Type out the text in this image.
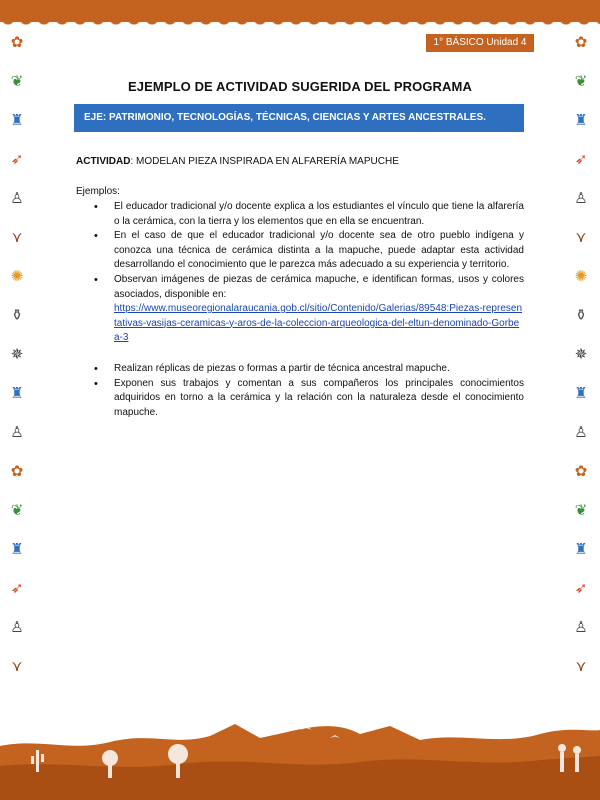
1° BÁSICO Unidad 4
✿
❦
♜
➶
♙
⋎
✺
⚱
✵
♜
♙
✿
❦
♜
➶
♙
⋎
✿
❦
♜
➶
♙
⋎
✺
⚱
✵
♜
♙
✿
❦
♜
➶
♙
⋎
EJEMPLO DE ACTIVIDAD SUGERIDA DEL PROGRAMA
EJE: PATRIMONIO, TECNOLOGÍAS, TÉCNICAS, CIENCIAS Y ARTES ANCESTRALES.
ACTIVIDAD: MODELAN PIEZA INSPIRADA EN ALFARERÍA MAPUCHE
Ejemplos:
• El educador tradicional y/o docente explica a los estudiantes el vínculo que tiene la alfarería o la cerámica, con la tierra y los elementos que en ella se encuentran.
• En el caso de que el educador tradicional y/o docente sea de otro pueblo indígena y conozca una técnica de cerámica distinta a la mapuche, puede adaptar esta actividad desarrollando el conocimiento que le parezca más adecuado a su experiencia y territorio.
• Observan imágenes de piezas de cerámica mapuche, e identifican formas, usos y colores asociados, disponible en:
https://www.museoregionalaraucania.gob.cl/sitio/Contenido/Galerias/89548:Piezas-representativas-vasijas-ceramicas-y-aros-de-la-coleccion-arqueologica-del-eltun-denominado-Gorbea-3
• Realizan réplicas de piezas o formas a partir de técnica ancestral mapuche.
• Exponen sus trabajos y comentan a sus compañeros los principales conocimientos adquiridos en torno a la cerámica y la relación con la naturaleza desde el conocimiento mapuche.
